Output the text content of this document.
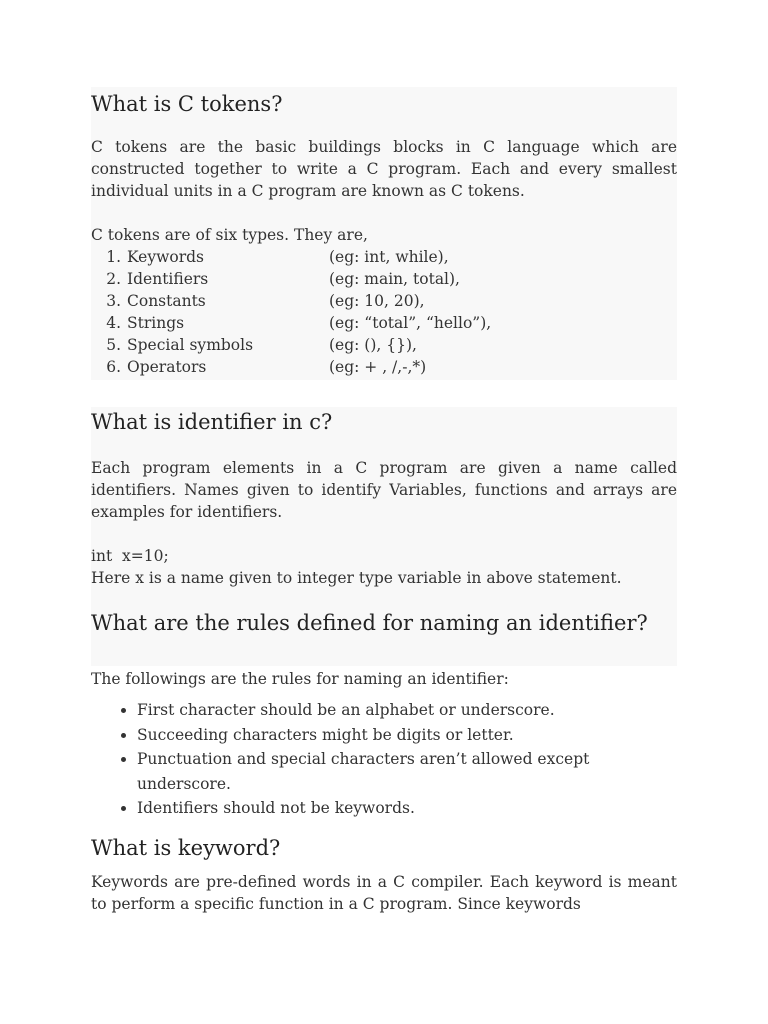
What is C tokens?

C tokens are the basic buildings blocks in C language which are constructed together to write a C program. Each and every smallest individual units in a C program are known as C tokens.

C tokens are of six types. They are,

1. Keywords	(eg: int, while),
2. Identifiers	(eg: main, total),
3. Constants	(eg: 10, 20),
4. Strings	(eg: “total”, “hello”),
5. Special symbols	(eg: (), {}),
6. Operators	(eg: + , /,-,*)
What is identifier in c?

Each program elements in a C program are given a name called identifiers. Names given to identify Variables, functions and arrays are examples for identifiers.

int  x=10;

Here x is a name given to integer type variable in above statement.

What are the rules defined for naming an identifier?

The followings are the rules for naming an identifier:

• First character should be an alphabet or underscore.
• Succeeding characters might be digits or letter.
• Punctuation and special characters aren’t allowed except underscore.
• Identifiers should not be keywords.
What is keyword?

Keywords are pre-defined words in a C compiler. Each keyword is meant to perform a specific function in a C program. Since keywords
